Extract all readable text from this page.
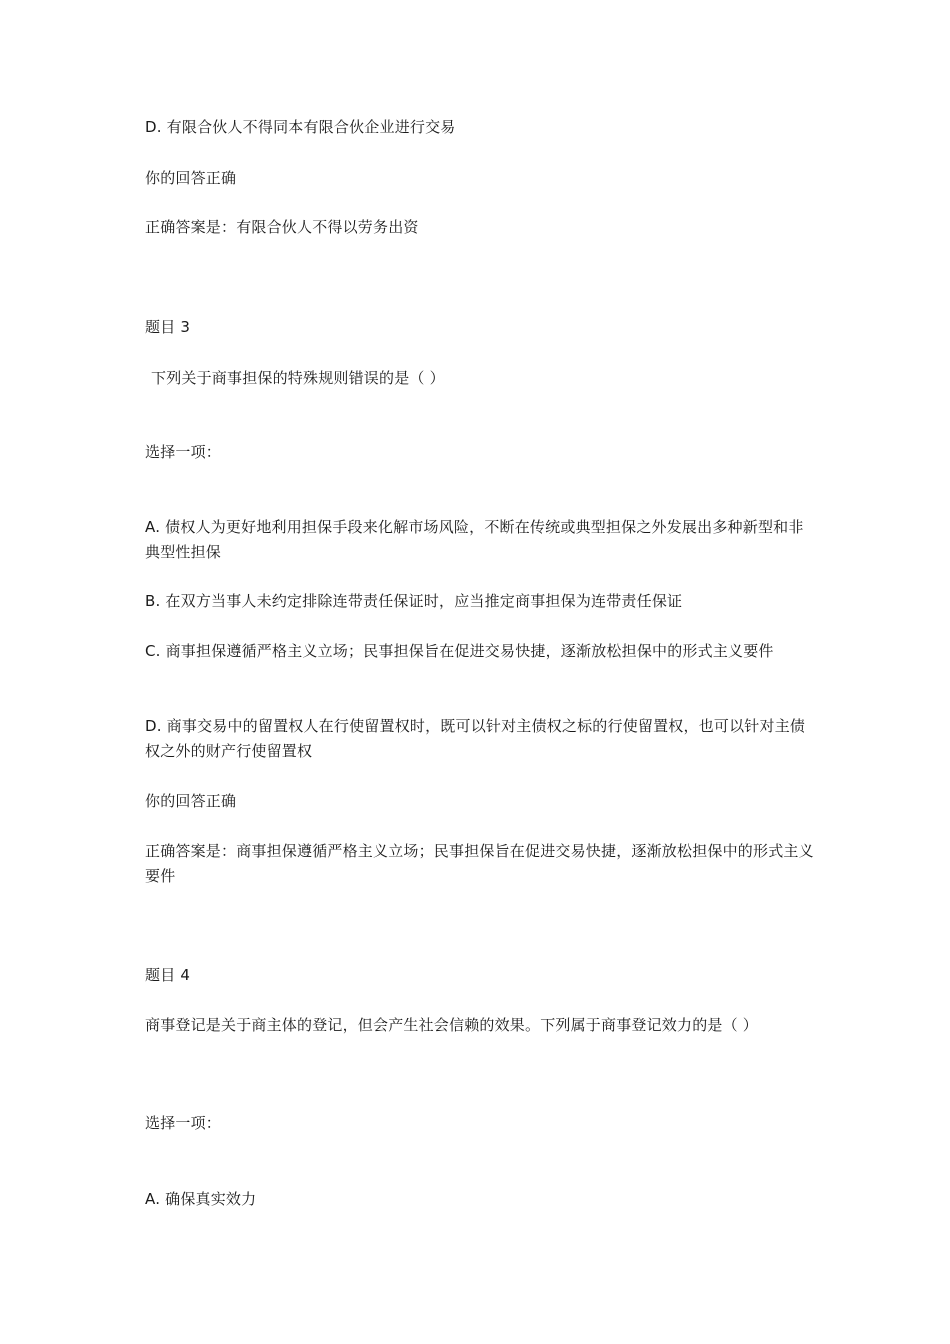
D. 有限合伙人不得同本有限合伙企业进行交易
你的回答正确
正确答案是：有限合伙人不得以劳务出资
题目 3
下列关于商事担保的特殊规则错误的是（ ）
选择一项：
A. 债权人为更好地利用担保手段来化解市场风险，不断在传统或典型担保之外发展出多种新型和非典型性担保
B. 在双方当事人未约定排除连带责任保证时，应当推定商事担保为连带责任保证
C. 商事担保遵循严格主义立场；民事担保旨在促进交易快捷，逐渐放松担保中的形式主义要件
D. 商事交易中的留置权人在行使留置权时，既可以针对主债权之标的行使留置权，也可以针对主债权之外的财产行使留置权
你的回答正确
正确答案是：商事担保遵循严格主义立场；民事担保旨在促进交易快捷，逐渐放松担保中的形式主义要件
题目 4
商事登记是关于商主体的登记，但会产生社会信赖的效果。下列属于商事登记效力的是（ ）
选择一项：
A. 确保真实效力
